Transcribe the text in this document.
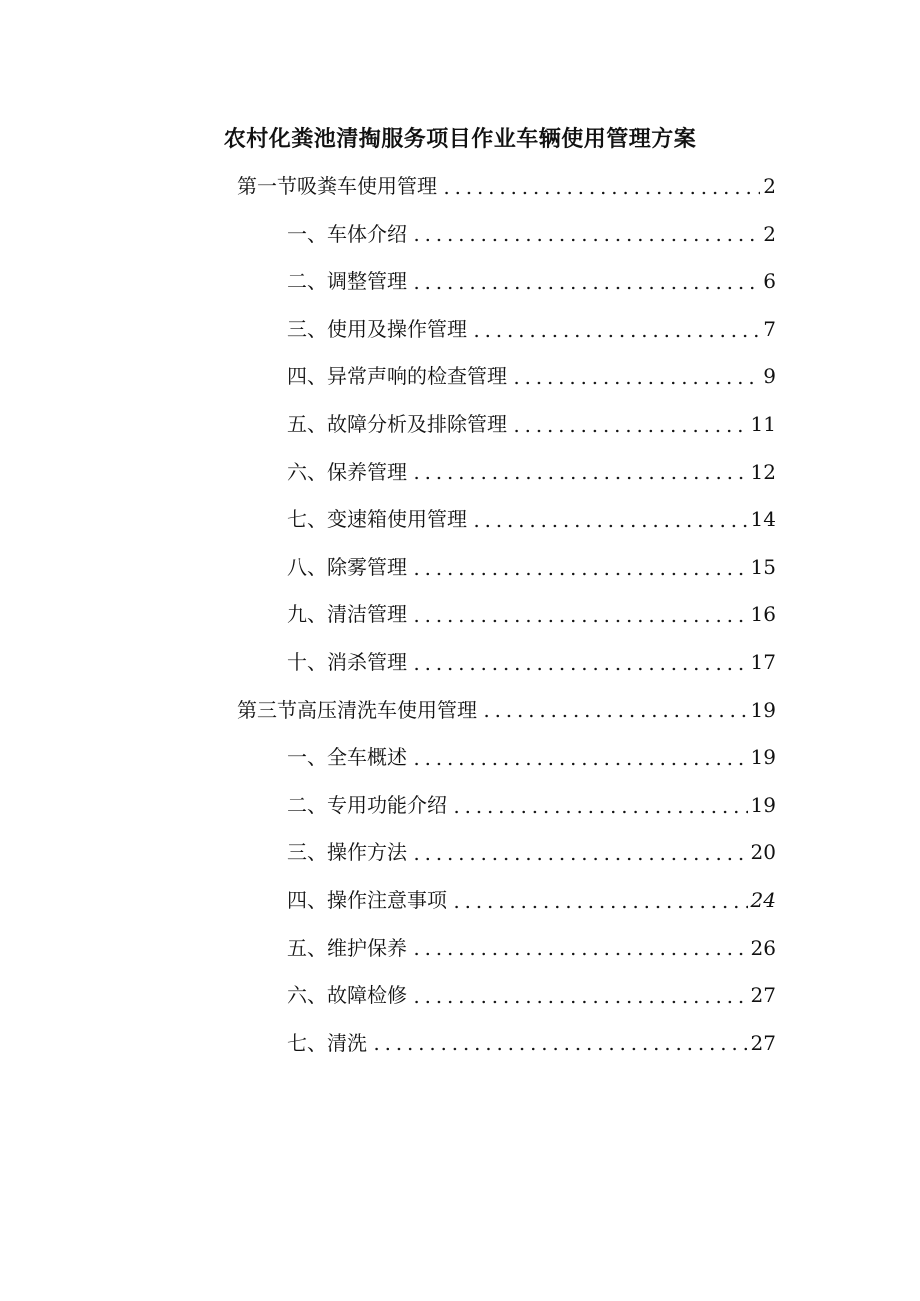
农村化粪池清掏服务项目作业车辆使用管理方案
第一节吸粪车使用管理	2
一、车体介绍	2
二、调整管理	6
三、使用及操作管理	7
四、异常声响的检查管理	9
五、故障分析及排除管理	11
六、保养管理	12
七、变速箱使用管理	14
八、除雾管理	15
九、清洁管理	16
十、消杀管理	17
第三节高压清洗车使用管理	19
一、全车概述	19
二、专用功能介绍	19
三、操作方法	20
四、操作注意事项	24
五、维护保养	26
六、故障检修	27
七、清洗	27
